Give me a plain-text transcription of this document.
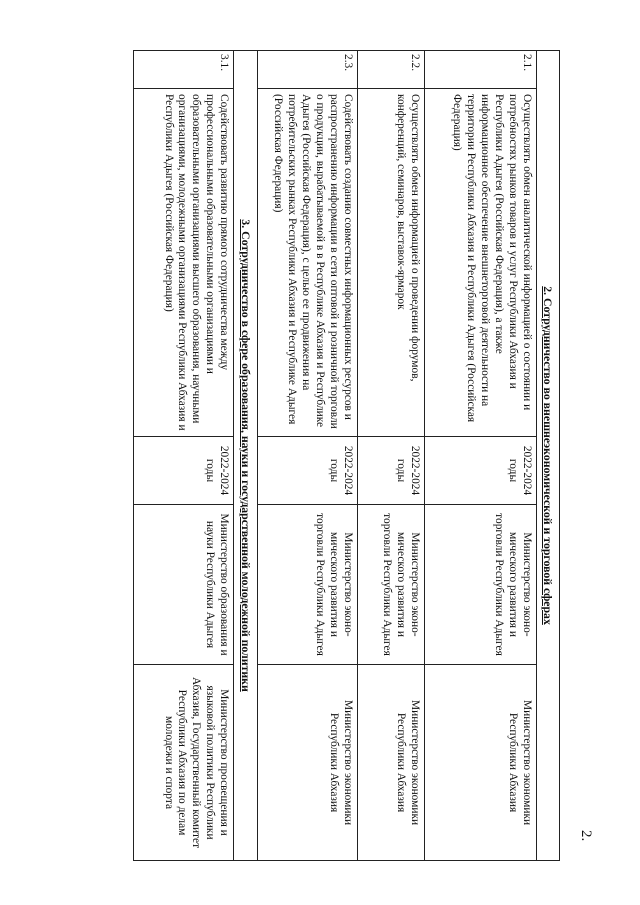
2.
2. Сотрудничество во внешнеэкономической и торговой сферах				
2.1.	Осуществлять обмен аналитической информацией о состоянии и потребностях рынков товаров и услуг Республики Абхазия и Республики Адыгея (Российская Федерация), а также информационное обеспечение внешнеторговой деятельности на территории Республики Абхазия и Республики Адыгея (Российская Федерация)	2022-2024 годы	Министерство эконо- мического развития и торговли Республики Адыгея	Министерство экономики Республики Абхазия
2.2.	Осуществлять обмен информацией о проведении форумов, конференций, семинаров, выставок-ярмарок	2022-2024 годы	Министерство эконо- мического развития и торговли Республики Адыгея	Министерство экономики Республики Абхазия
2.3.	Содействовать созданию совместных информационных ресурсов и распространению информации в сети оптовой и розничной торговли о продукции, вырабатываемой в в Республике Абхазия и Республике Адыгея (Российская Федерация), с целью ее продвижения на потребительских рынках Республики Абхазия и Республике Адыгея (Российская Федерация)	2022-2024 годы	Министерство эконо- мического развития и торговли Республики Адыгея	Министерство экономики Республики Абхазия
3. Сотрудничество в сфере образования, науки и государственной молодежной политики				
3.1.	Содействовать развитию прямого сотрудничества между профессиональными образовательными организациями и образовательными организациями высшего образования, научными организациями, молодежными организациями Республики Абхазия и Республики Адыгея (Российская Федерация)	2022-2024 годы	Министерство образования и науки Республики Адыгея	Министерство просвещения и языковой политики Республики Абхазия, Государственный комитет Республики Абхазия по делам молодежи и спорта
